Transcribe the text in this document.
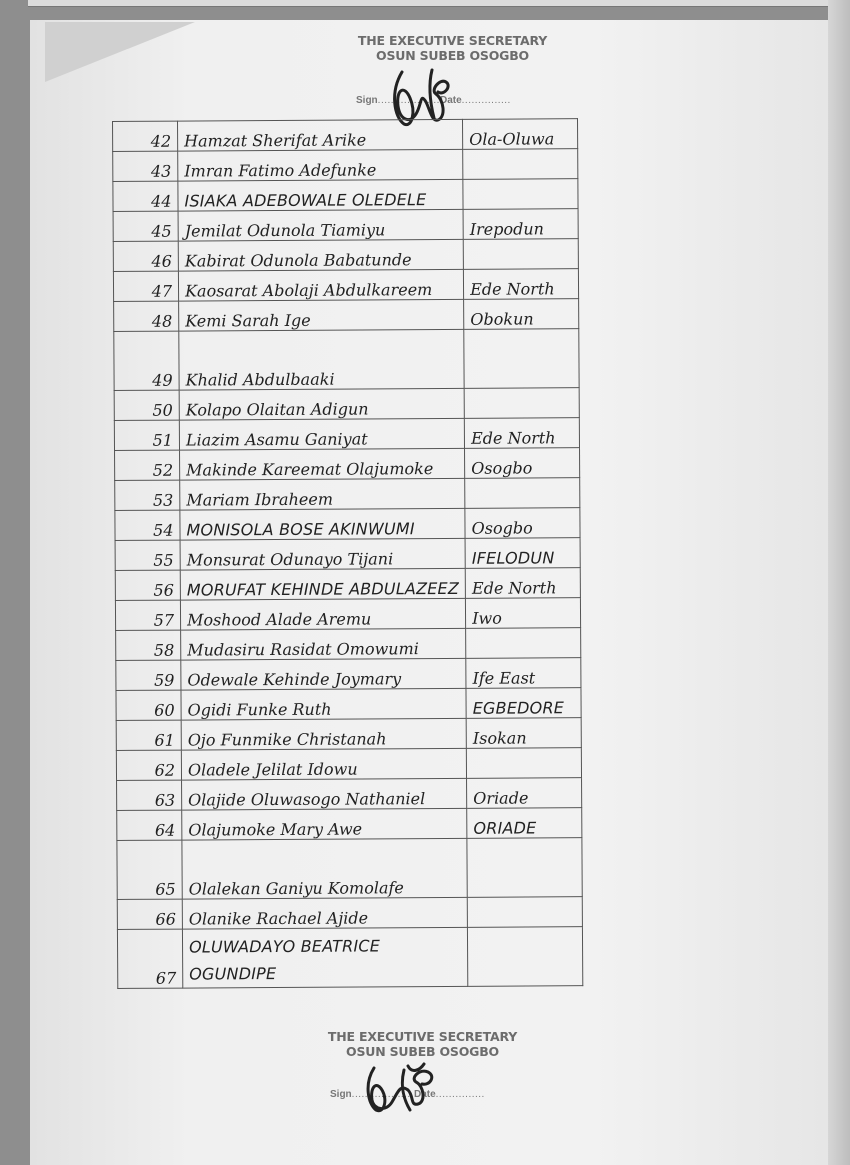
THE EXECUTIVE SECRETARY
OSUN SUBEB OSOGBO
Sign...................Date...............
42	Hamzat Sherifat Arike	Ola-Oluwa
43	Imran Fatimo Adefunke	
44	ISIAKA ADEBOWALE OLEDELE	
45	Jemilat Odunola Tiamiyu	Irepodun
46	Kabirat Odunola Babatunde	
47	Kaosarat Abolaji Abdulkareem	Ede North
48	Kemi Sarah Ige	Obokun
49	Khalid Abdulbaaki	
50	Kolapo Olaitan Adigun	
51	Liazim Asamu Ganiyat	Ede North
52	Makinde Kareemat Olajumoke	Osogbo
53	Mariam Ibraheem	
54	MONISOLA BOSE AKINWUMI	Osogbo
55	Monsurat Odunayo Tijani	IFELODUN
56	MORUFAT KEHINDE ABDULAZEEZ	Ede North
57	Moshood Alade Aremu	Iwo
58	Mudasiru Rasidat Omowumi	
59	Odewale Kehinde Joymary	Ife East
60	Ogidi Funke Ruth	EGBEDORE
61	Ojo Funmike Christanah	Isokan
62	Oladele Jelilat Idowu	
63	Olajide Oluwasogo Nathaniel	Oriade
64	Olajumoke Mary Awe	ORIADE
65	Olalekan Ganiyu Komolafe	
66	Olanike Rachael Ajide	
67	OLUWADAYO BEATRICE
OGUNDIPE	
THE EXECUTIVE SECRETARY
OSUN SUBEB OSOGBO
Sign...................Date...............
